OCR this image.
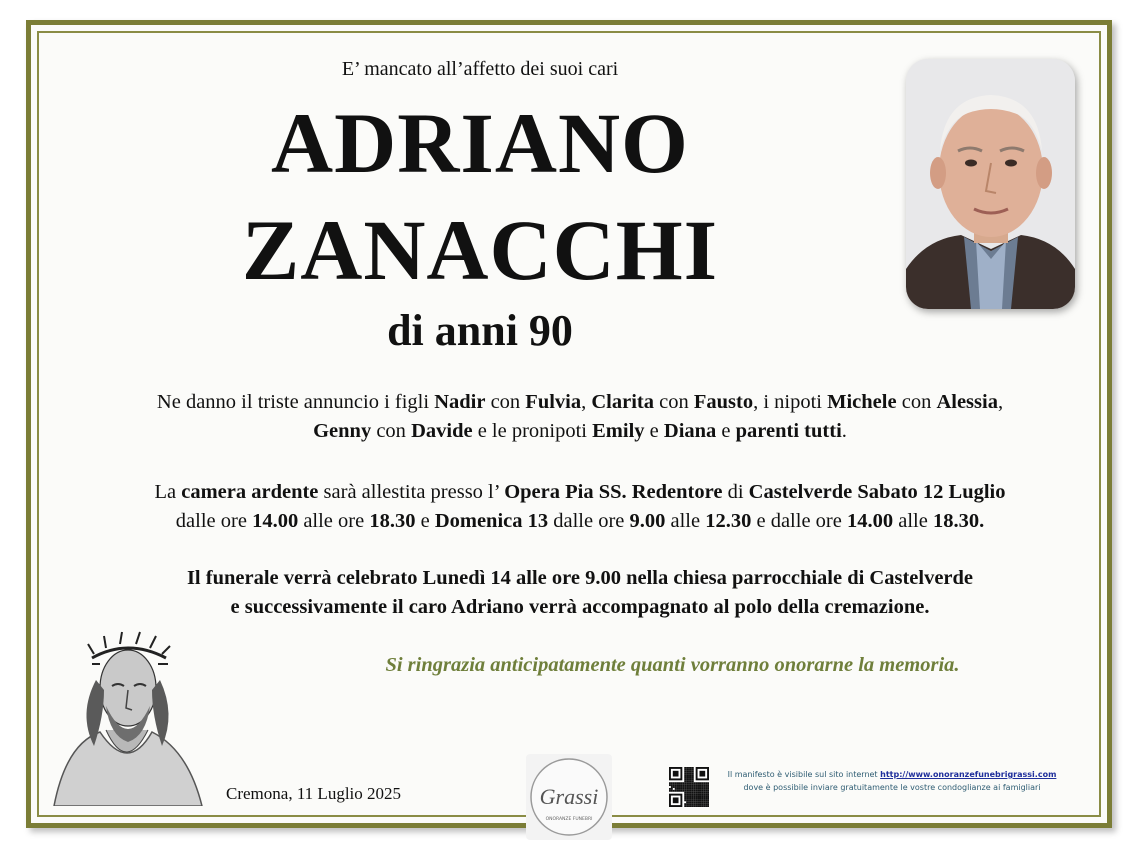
E’ mancato all’affetto dei suoi cari
ADRIANO
ZANACCHI
di anni 90
Ne danno il triste annuncio i figli Nadir con Fulvia, Clarita con Fausto, i nipoti Michele con Alessia,
Genny con Davide e le pronipoti Emily e Diana e parenti tutti.
La camera ardente sarà allestita presso l’ Opera Pia SS. Redentore di Castelverde Sabato 12 Luglio
dalle ore 14.00 alle ore 18.30 e Domenica 13 dalle ore 9.00 alle 12.30 e dalle ore 14.00 alle 18.30.
Il funerale verrà celebrato Lunedì 14 alle ore 9.00 nella chiesa parrocchiale di Castelverde
e successivamente il caro Adriano verrà accompagnato al polo della cremazione.
Si ringrazia anticipatamente quanti vorranno onorarne la memoria.
Cremona, 11 Luglio 2025	Grassi
ONORANZE FUNEBRI
Il manifesto è visibile sul sito internet http://www.onoranzefunebrigrassi.com
dove è possibile inviare gratuitamente le vostre condoglianze ai famigliari
